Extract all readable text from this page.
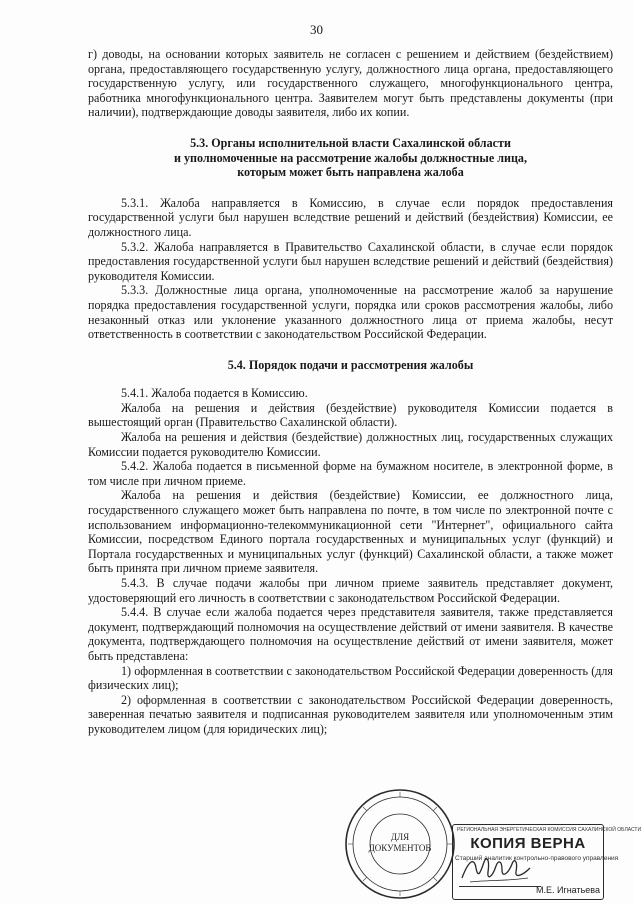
30

г) доводы, на основании которых заявитель не согласен с решением и действием (бездействием) органа, предоставляющего государственную услугу, должностного лица органа, предоставляющего государственную услугу, или государственного служащего, многофункционального центра, работника многофункционального центра. Заявителем могут быть представлены документы (при наличии), подтверждающие доводы заявителя, либо их копии.

5.3. Органы исполнительной власти Сахалинской области
и уполномоченные на рассмотрение жалобы должностные лица,
которым может быть направлена жалоба

5.3.1. Жалоба направляется в Комиссию, в случае если порядок предоставления государственной услуги был нарушен вследствие решений и действий (бездействия) Комиссии, ее должностного лица.

5.3.2. Жалоба направляется в Правительство Сахалинской области, в случае если порядок предоставления государственной услуги был нарушен вследствие решений и действий (бездействия) руководителя Комиссии.

5.3.3. Должностные лица органа, уполномоченные на рассмотрение жалоб за нарушение порядка предоставления государственной услуги, порядка или сроков рассмотрения жалобы, либо незаконный отказ или уклонение указанного должностного лица от приема жалобы, несут ответственность в соответствии с законодательством Российской Федерации.

5.4. Порядок подачи и рассмотрения жалобы

5.4.1. Жалоба подается в Комиссию.

Жалоба на решения и действия (бездействие) руководителя Комиссии подается в вышестоящий орган (Правительство Сахалинской области).

Жалоба на решения и действия (бездействие) должностных лиц, государственных служащих Комиссии подается руководителю Комиссии.

5.4.2. Жалоба подается в письменной форме на бумажном носителе, в электронной форме, в том числе при личном приеме.

Жалоба на решения и действия (бездействие) Комиссии, ее должностного лица, государственного служащего может быть направлена по почте, в том числе по электронной почте с использованием информационно-телекоммуникационной сети "Интернет", официального сайта Комиссии, посредством Единого портала государственных и муниципальных услуг (функций) и Портала государственных и муниципальных услуг (функций) Сахалинской области, а также может быть принята при личном приеме заявителя.

5.4.3. В случае подачи жалобы при личном приеме заявитель представляет документ, удостоверяющий его личность в соответствии с законодательством Российской Федерации.

5.4.4. В случае если жалоба подается через представителя заявителя, также представляется документ, подтверждающий полномочия на осуществление действий от имени заявителя. В качестве документа, подтверждающего полномочия на осуществление действий от имени заявителя, может быть представлена:

1) оформленная в соответствии с законодательством Российской Федерации доверенность (для физических лиц);

2) оформленная в соответствии с законодательством Российской Федерации доверенность, заверенная печатью заявителя и подписанная руководителем заявителя или уполномоченным этим руководителем лицом (для юридических лиц);

ДЛЯ
ДОКУМЕНТОВ
РЕГИОНАЛЬНАЯ ЭНЕРГЕТИЧЕСКАЯ КОМИССИЯ САХАЛИНСКОЙ ОБЛАСТИ
КОПИЯ ВЕРНА
Старший аналитик контрольно-правового управления
М.Е. Игнатьева
